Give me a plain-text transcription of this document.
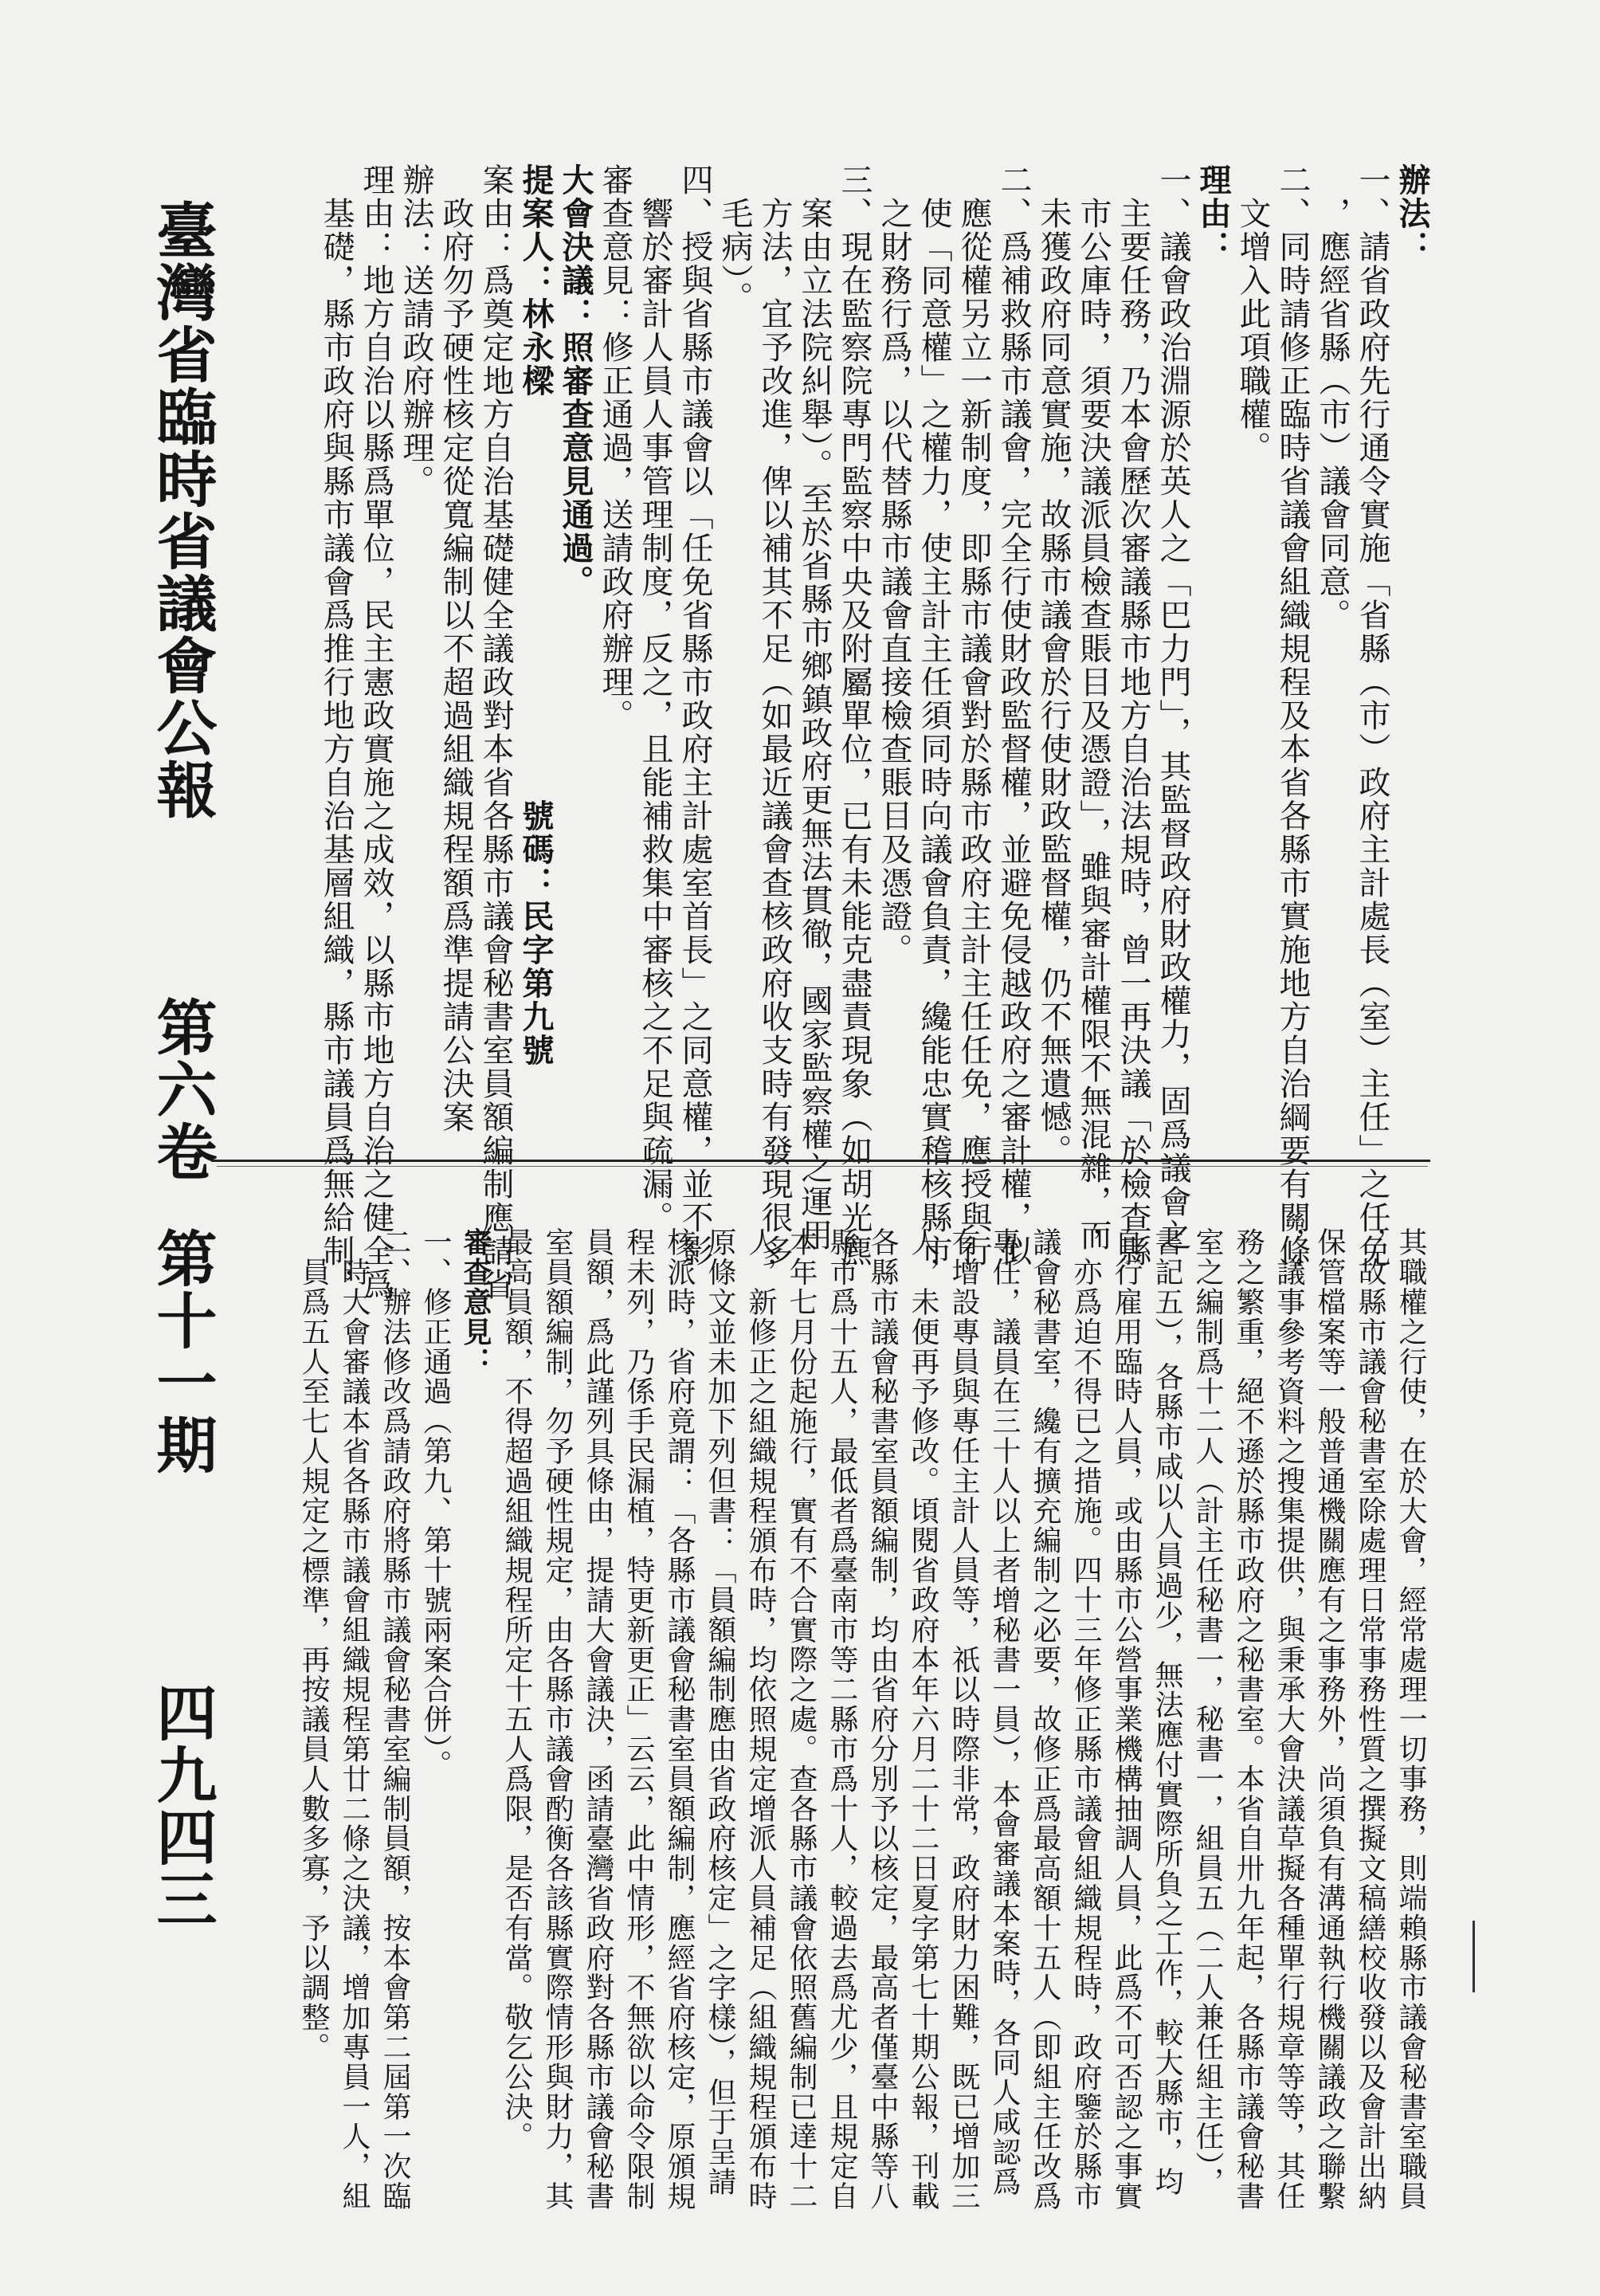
臺灣省臨時省議會公報

第六卷

第十一期

四九四三

辦法：

一、請省政府先行通令實施「省縣（市）政府主計處長（室）主任」之任免

　，應經省縣（市）議會同意。

二、同時請修正臨時省議會組織規程及本省各縣市實施地方自治綱要有關條

　文增入此項職權。

理由：

一、議會政治淵源於英人之「巴力門」，其監督政府財政權力，固爲議會之

　主要任務，乃本會歷次審議縣市地方自治法規時，曾一再決議「於檢查縣

　市公庫時，須要決議派員檢查賬目及憑證」，雖與審計權限不無混雜，而

　未獲政府同意實施，故縣市議會於行使財政監督權，仍不無遺憾。

二、爲補救縣市議會，完全行使財政監督權，並避免侵越政府之審計權，似

　應從權另立一新制度，即縣市議會對於縣市政府主計主任任免，應授與行

　使「同意權」之權力，使主計主任須同時向議會負責，纔能忠實稽核縣市

　之財務行爲，以代替縣市議會直接檢查賬目及憑證。

三、現在監察院專門監察中央及附屬單位，已有未能克盡責現象（如胡光麃

　案由立法院糾舉）。至於省縣市鄉鎮政府更無法貫徹，國家監察權之運用

　方法，宜予改進，俾以補其不足（如最近議會查核政府收支時有發現很多

　毛病）。

四、授與省縣市議會以「任免省縣市政府主計處室首長」之同意權，並不影

　響於審計人員人事管理制度，反之，且能補救集中審核之不足與疏漏。

審查意見：修正通過，送請政府辦理。

大會決議：照審查意見通過。

提案人：林永樑　　　　　　　　　　　　號碼：民字第九號

案由：爲奠定地方自治基礎健全議政對本省各縣市議會秘書室員額編制應請省

　政府勿予硬性核定從寬編制以不超過組織規程額爲準提請公決案

辦法：送請政府辦理。

理由：地方自治以縣爲單位，民主憲政實施之成效，以縣市地方自治之健全爲

　基礎，縣市政府與縣市議會爲推行地方自治基層組織，縣市議員爲無給制，

其職權之行使，在於大會，經常處理一切事務，則端賴縣市議會秘書室職員

，故縣市議會秘書室除處理日常事務性質之撰擬文稿繕校收發以及會計出納

保管檔案等一般普通機關應有之事務外，尚須負有溝通執行機關議政之聯繫

，議事參考資料之搜集提供，與秉承大會決議草擬各種單行規章等等，其任

務之繁重，絕不遜於縣市政府之秘書室。本省自卅九年起，各縣市議會秘書

室之編制爲十二人（計主任秘書一，秘書一，組員五（二人兼任組主任），

書記五），各縣市咸以人員過少，無法應付實際所負之工作，較大縣市，均

自行雇用臨時人員，或由縣市公營事業機構抽調人員，此爲不可否認之事實

，亦爲迫不得已之措施。四十三年修正縣市議會組織規程時，政府鑒於縣市

議會秘書室，纔有擴充編制之必要，故修正爲最高額十五人（即組主任改爲

專任，議員在三十人以上者增秘書一員），本會審議本案時，各同人咸認爲

有增設專員與專任主計人員等，祇以時際非常，政府財力困難，既已增加三

人，未便再予修改。頃閱省政府本年六月二十二日夏字第七十期公報，刊載

各縣市議會秘書室員額編制，均由省府分別予以核定，最高者僅臺中縣等八

縣市爲十五人，最低者爲臺南市等二縣市爲十人，較過去爲尤少，且規定自

本年七月份起施行，實有不合實際之處。查各縣市議會依照舊編制已達十二

人，新修正之組織規程頒布時，均依照規定增派人員補足（組織規程頒布時

原條文並未加下列但書：「員額編制應由省政府核定」之字樣），但于呈請

核派時，省府竟謂：「各縣市議會秘書室員額編制，應經省府核定，原頒規

程未列，乃係手民漏植，特更新更正」云云，此中情形，不無欲以命令限制

員額，爲此謹列具條由，提請大會議決，函請臺灣省政府對各縣市議會秘書

室員額編制，勿予硬性規定，由各縣市議會酌衡各該縣實際情形與財力，其

最高員額，不得超過組織規程所定十五人爲限，是否有當。敬乞公決。

審查意見：

一、修正通過（第九、第十號兩案合併）。

二、辦法修改爲請政府將縣市議會秘書室編制員額，按本會第二屆第一次臨

　時大會審議本省各縣市議會組織規程第廿二條之決議，增加專員一人，組

　員爲五人至七人規定之標準，再按議員人數多寡，予以調整。
